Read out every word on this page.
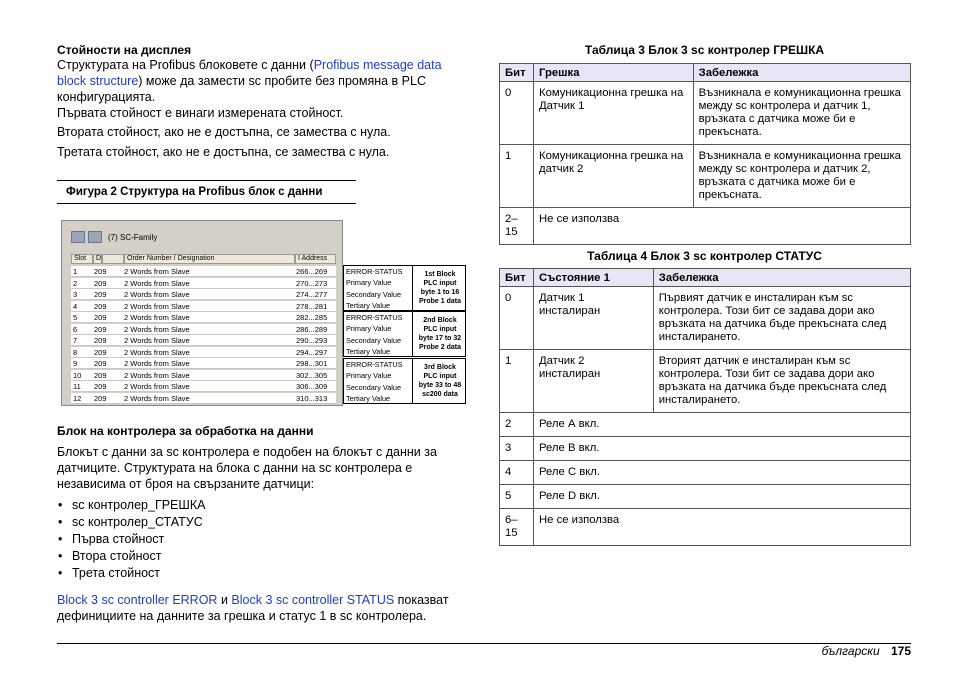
Стойности на дисплея
Структурата на Profibus блоковете с данни (Profibus message data block structure) може да замести sc пробите без промяна в PLC конфигурацията.
Първата стойност е винаги измерената стойност.
Втората стойност, ако не е достъпна, се замества с нула.
Третата стойност, ако не е достъпна, се замества с нула.
Фигура 2 Структура на Profibus блок с данни
(7) SC-Family
Slot	D	Order Number / Designation	I Address
1 209 2 Words from Slave	266...269
2 209 2 Words from Slave	270...273
3 209 2 Words from Slave	274...277
4 209 2 Words from Slave	278...281
5 209 2 Words from Slave	282...285
6 209 2 Words from Slave	286...289
7 209 2 Words from Slave	290...293
8 209 2 Words from Slave	294...297
9 209 2 Words from Slave	298...301
10 209 2 Words from Slave	302...305
11 209 2 Words from Slave	306...309
12 209 2 Words from Slave	310...313
ERROR-STATUS
Primary Value
Secondary Value
Tertiary Value
1st Block
PLC input
byte 1 to 16
Probe 1 data
ERROR-STATUS
Primary Value
Secondary Value
Tertiary Value
2nd Block
PLC input
byte 17 to 32
Probe 2 data
ERROR-STATUS
Primary Value
Secondary Value
Tertiary Value
3rd Block
PLC input
byte 33 to 48
sc200 data
Блок на контролера за обработка на данни
Блокът с данни за sc контролера е подобен на блокът с данни за датчиците. Структурата на блока с данни на sc контролера е независима от броя на свързаните датчици:
• sc контролер_ГРЕШКА
• sc контролер_СТАТУС
• Първа стойност
• Втора стойност
• Трета стойност
Block 3 sc controller ERROR и Block 3 sc controller STATUS показват дефинициите на данните за грешка и статус 1 в sc контролера.
Таблица 3 Блок 3 sc контролер ГРЕШКА
Бит	Грешка	Забележка
0	Комуникационна грешка на Датчик 1	Възникнала е комуникационна грешка между sc контролера и датчик 1, връзката с датчика може би е прекъсната.
1	Комуникационна грешка на датчик 2	Възникнала е комуникационна грешка между sc контролера и датчик 2, връзката с датчика може би е прекъсната.
2–15	Не се използва	
Таблица 4 Блок 3 sc контролер СТАТУС
Бит	Състояние 1	Забележка
0	Датчик 1 инсталиран	Първият датчик е инсталиран към sc контролера. Този бит се задава дори ако връзката на датчика бъде прекъсната след инсталирането.
1	Датчик 2 инсталиран	Вторият датчик е инсталиран към sc контролера. Този бит се задава дори ако връзката на датчика бъде прекъсната след инсталирането.
2	Реле А вкл.	
3	Реле В вкл.	
4	Реле С вкл.	
5	Реле D вкл.	
6–15	Не се използва	
български 175
